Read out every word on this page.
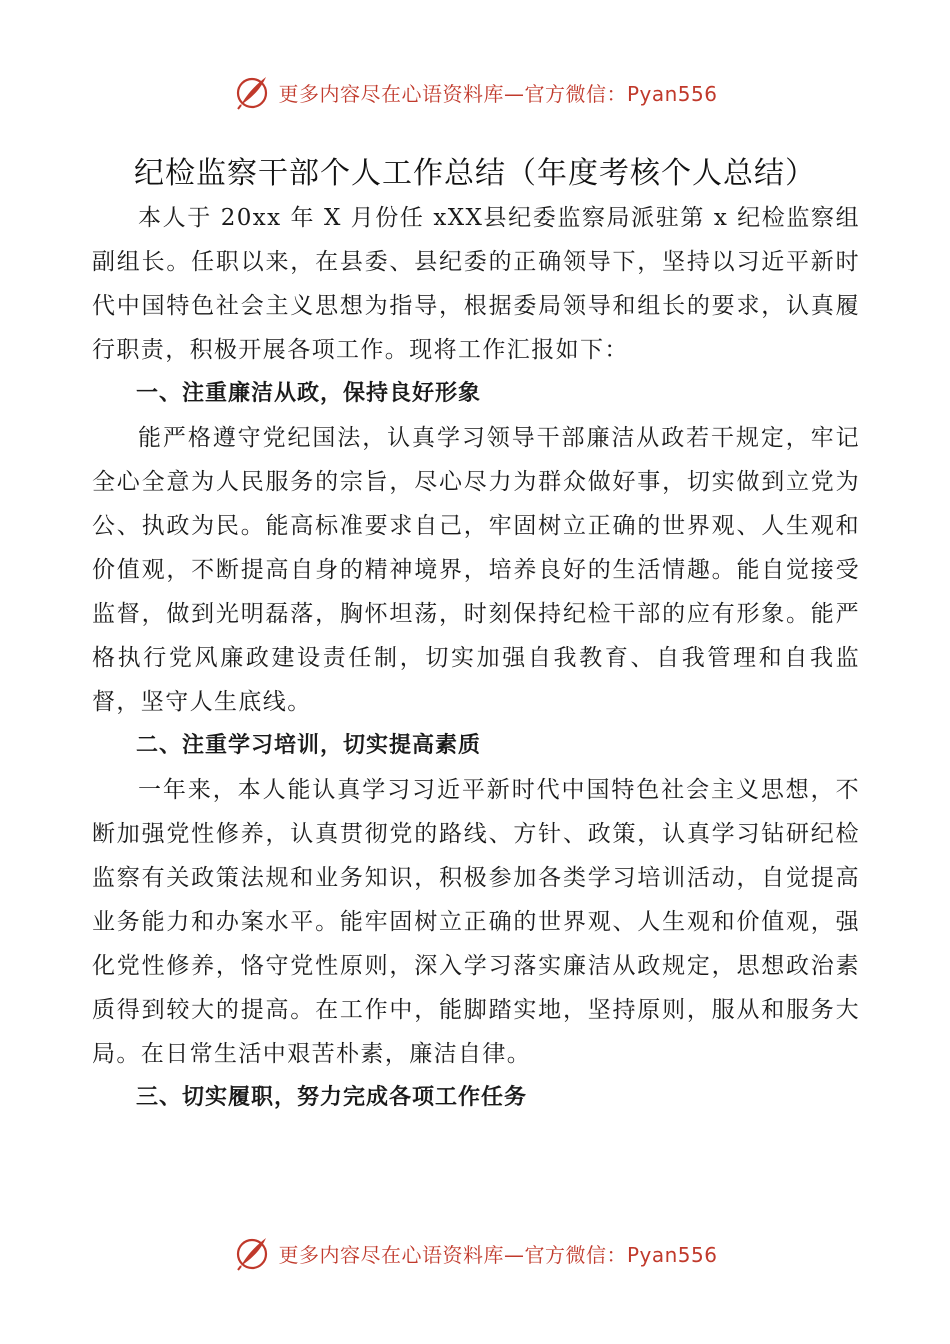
更多内容尽在心语资料库—官方微信：Pyan556
纪检监察干部个人工作总结（年度考核个人总结）

本人于 20xx 年 X 月份任 xXX县纪委监察局派驻第 x 纪检监察组副组长。任职以来，在县委、县纪委的正确领导下，坚持以习近平新时代中国特色社会主义思想为指导，根据委局领导和组长的要求，认真履行职责，积极开展各项工作。现将工作汇报如下：

一、注重廉洁从政，保持良好形象

能严格遵守党纪国法，认真学习领导干部廉洁从政若干规定，牢记全心全意为人民服务的宗旨，尽心尽力为群众做好事，切实做到立党为公、执政为民。能高标准要求自己，牢固树立正确的世界观、人生观和价值观，不断提高自身的精神境界，培养良好的生活情趣。能自觉接受监督，做到光明磊落，胸怀坦荡，时刻保持纪检干部的应有形象。能严格执行党风廉政建设责任制，切实加强自我教育、自我管理和自我监督，坚守人生底线。

二、注重学习培训，切实提高素质

一年来，本人能认真学习习近平新时代中国特色社会主义思想，不断加强党性修养，认真贯彻党的路线、方针、政策，认真学习钻研纪检监察有关政策法规和业务知识，积极参加各类学习培训活动，自觉提高业务能力和办案水平。能牢固树立正确的世界观、人生观和价值观，强化党性修养，恪守党性原则，深入学习落实廉洁从政规定，思想政治素质得到较大的提高。在工作中，能脚踏实地，坚持原则，服从和服务大局。在日常生活中艰苦朴素，廉洁自律。

三、切实履职，努力完成各项工作任务

更多内容尽在心语资料库—官方微信：Pyan556
